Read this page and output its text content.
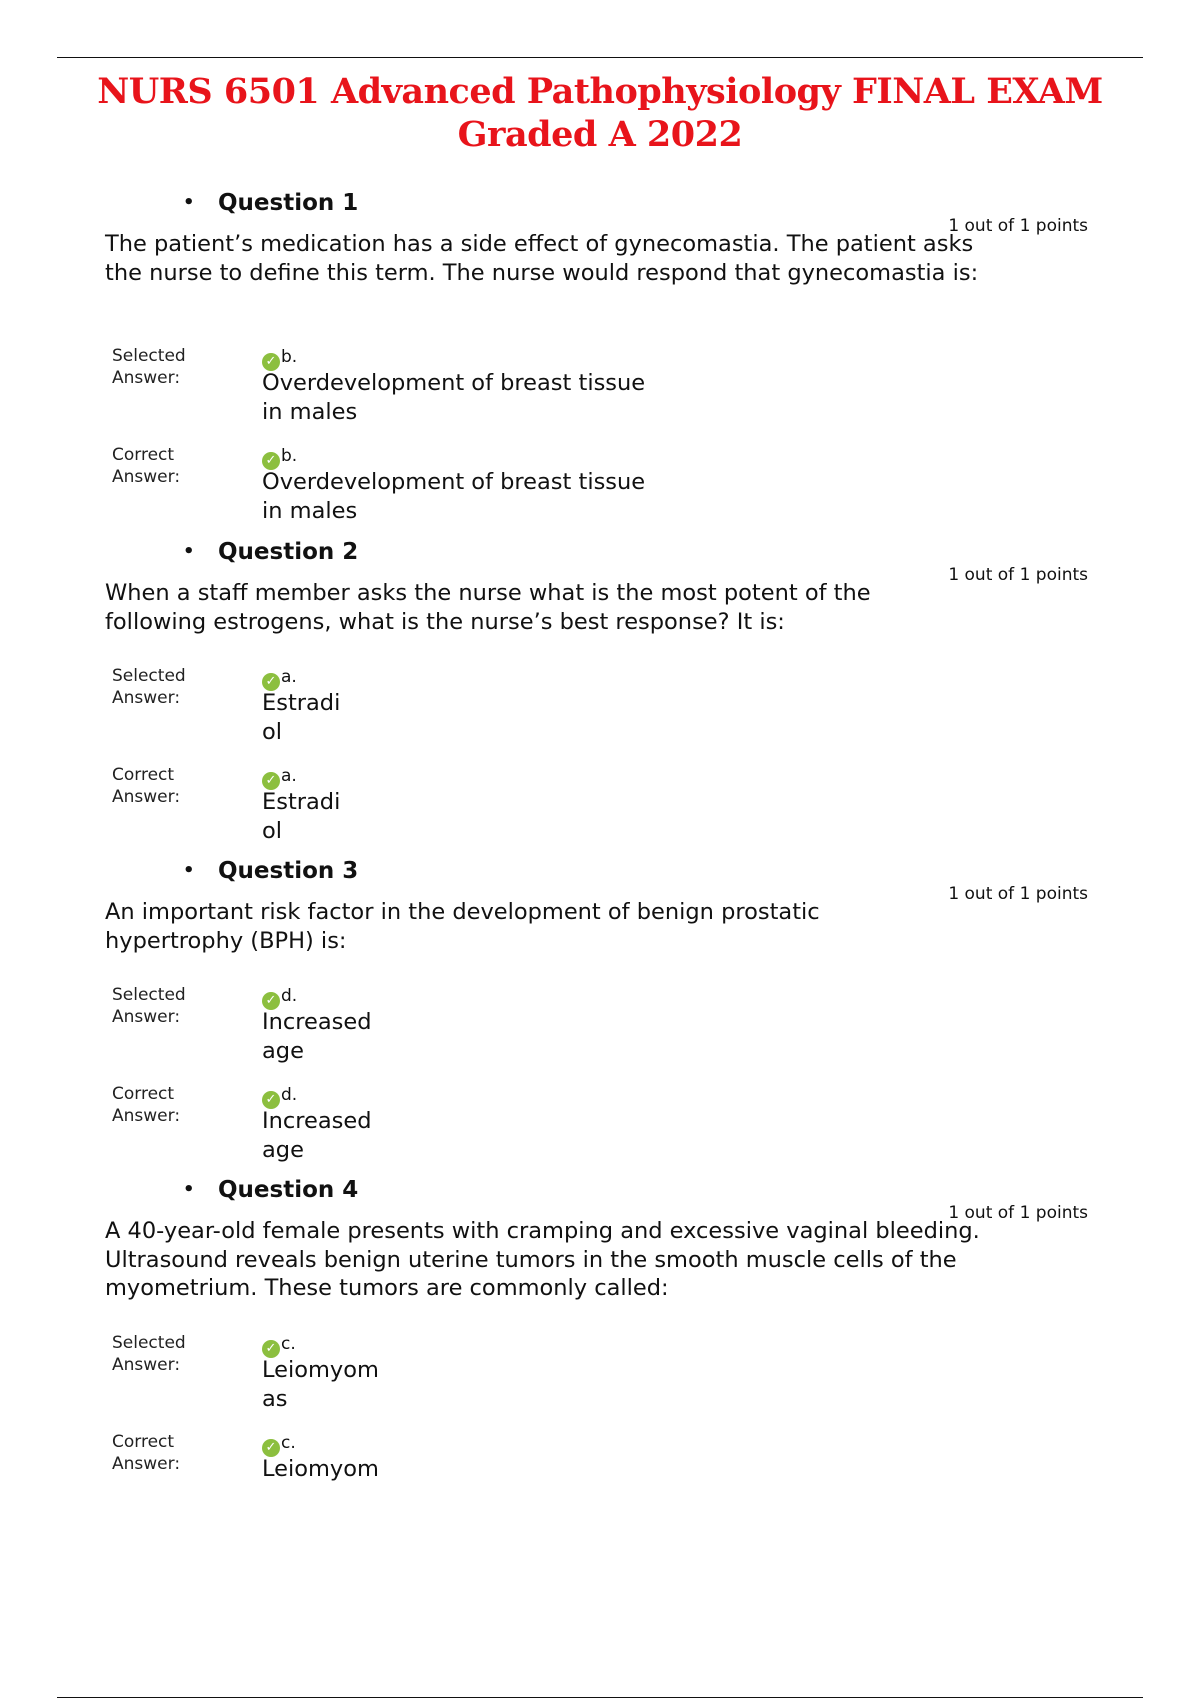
NURS 6501 Advanced Pathophysiology FINAL EXAM Graded A 2022
• Question 1
1 out of 1 points
The patient’s medication has a side effect of gynecomastia. The patient asks the nurse to define this term. The nurse would respond that gynecomastia is:
Selected
Answer:
✓ b.
Overdevelopment of breast tissue
in males
Correct
Answer:
✓ b.
Overdevelopment of breast tissue
in males
• Question 2
1 out of 1 points
When a staff member asks the nurse what is the most potent of the following estrogens, what is the nurse’s best response? It is:
Selected
Answer:
✓ a.
Estradi
ol
Correct
Answer:
✓ a.
Estradi
ol
• Question 3
1 out of 1 points
An important risk factor in the development of benign prostatic hypertrophy (BPH) is:
Selected
Answer:
✓ d.
Increased
age
Correct
Answer:
✓ d.
Increased
age
• Question 4
1 out of 1 points
A 40-year-old female presents with cramping and excessive vaginal bleeding. Ultrasound reveals benign uterine tumors in the smooth muscle cells of the myometrium. These tumors are commonly called:
Selected
Answer:
✓ c.
Leiomyom
as
Correct
Answer:
✓ c.
Leiomyom
